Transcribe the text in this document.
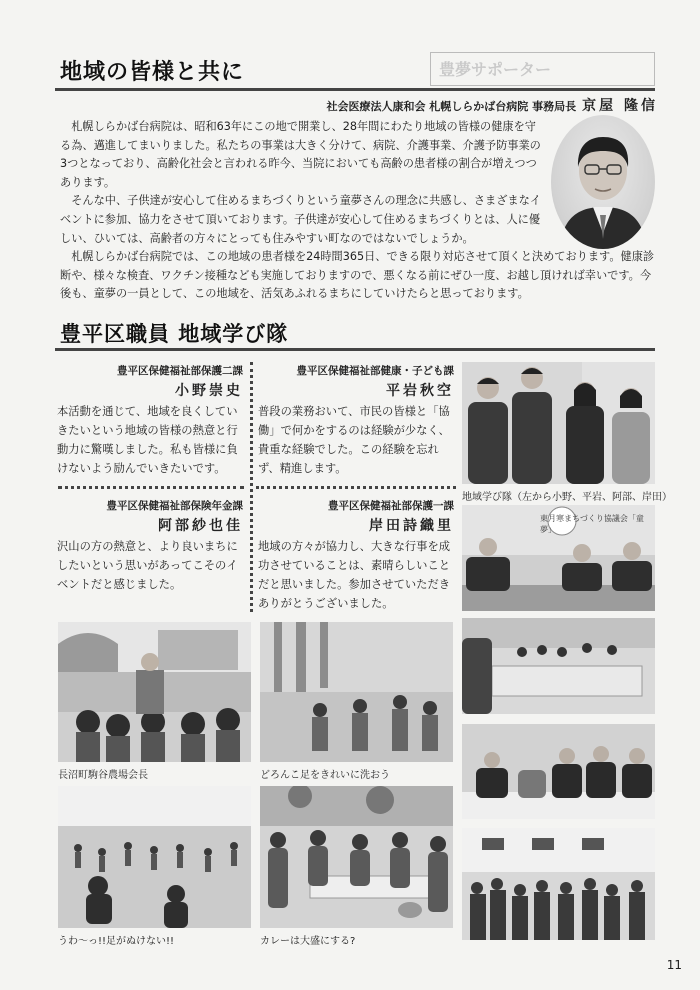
豊夢サポーター
地域の皆様と共に
社会医療法人康和会 札幌しらかば台病院 事務局長 京屋 隆信

札幌しらかば台病院は、昭和63年にこの地で開業し、28年間にわたり地域の皆様の健康を守る為、邁進してまいりました。私たちの事業は大きく分けて、病院、介護事業、介護予防事業の3つとなっており、高齢化社会と言われる昨今、当院においても高齢の患者様の割合が増えつつあります。

そんな中、子供達が安心して住めるまちづくりという童夢さんの理念に共感し、さまざまなイベントに参加、協力をさせて頂いております。子供達が安心して住めるまちづくりとは、人に優しい、ひいては、高齢者の方々にとっても住みやすい町なのではないでしょうか。

札幌しらかば台病院では、この地域の患者様を24時間365日、できる限り対応させて頂くと決めております。健康診断や、様々な検査、ワクチン接種なども実施しておりますので、悪くなる前にぜひ一度、お越し頂ければ幸いです。今後も、童夢の一員として、この地域を、活気あふれるまちにしていけたらと思っております。

豊平区職員 地域学び隊
豊平区保健福祉部保護二課
小野崇史

本活動を通じて、地域を良くしていきたいという地域の皆様の熱意と行動力に驚嘆しました。私も皆様に負けないよう励んでいきたいです。

豊平区保健福祉部健康・子ども課
平岩秋空

普段の業務おいて、市民の皆様と「協働」で何かをするのは経験が少なく、貴重な経験でした。この経験を忘れず、精進します。

豊平区保健福祉部保険年金課
阿部紗也佳

沢山の方の熱意と、より良いまちにしたいという思いがあってこそのイベントだと感じました。

豊平区保健福祉部保護一課
岸田詩織里

地域の方々が協力し、大きな行事を成功させていることは、素晴らしいことだと思いました。参加させていただきありがとうございました。

地域学び隊（左から小野、平岩、阿部、岸田）
東月寒まちづくり協議会「童夢」
長沼町駒谷農場会長	どろんこ足をきれいに洗おう
うわ〜っ!!足がぬけない!!	カレーは大盛にする?
11
